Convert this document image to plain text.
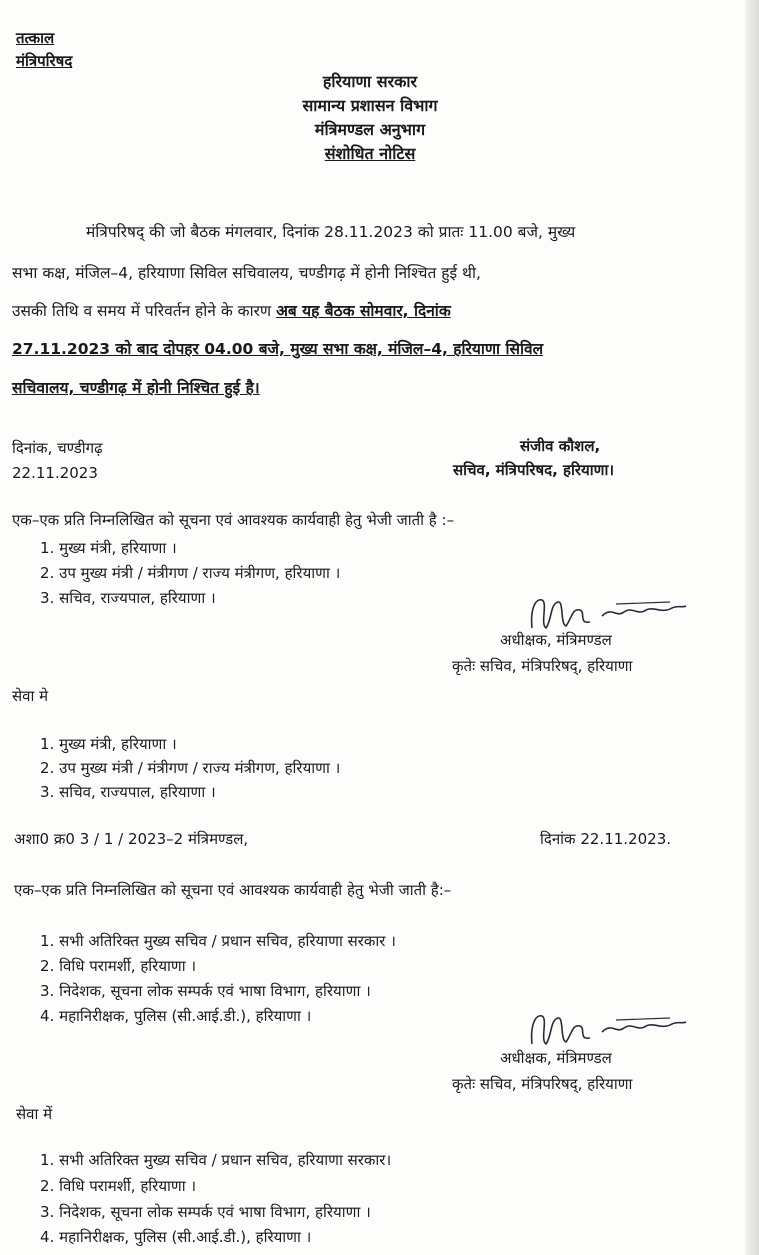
तत्काल
मंत्रिपरिषद
हरियाणा सरकार
सामान्य प्रशासन विभाग
मंत्रिमण्डल अनुभाग
संशोधित नोटिस
मंत्रिपरिषद् की जो बैठक मंगलवार, दिनांक 28.11.2023 को प्रातः 11.00 बजे, मुख्य
सभा कक्ष, मंजिल–4, हरियाणा सिविल सचिवालय, चण्डीगढ़ में होनी निश्चित हुई थी,
उसकी तिथि व समय में परिवर्तन होने के कारण अब यह बैठक सोमवार, दिनांक
27.11.2023 को बाद दोपहर 04.00 बजे, मुख्य सभा कक्ष, मंजिल–4, हरियाणा सिविल
सचिवालय, चण्डीगढ़ में होनी निश्चित हुई है।
दिनांक, चण्डीगढ़
22.11.2023
संजीव कौशल,
सचिव, मंत्रिपरिषद, हरियाणा।
एक–एक प्रति निम्नलिखित को सूचना एवं आवश्यक कार्यवाही हेतु भेजी जाती है :–
1. मुख्य मंत्री, हरियाणा ।
2. उप मुख्य मंत्री / मंत्रीगण / राज्य मंत्रीगण, हरियाणा ।
3. सचिव, राज्यपाल, हरियाणा ।
अधीक्षक, मंत्रिमण्डल
कृतेः सचिव, मंत्रिपरिषद्, हरियाणा
सेवा मे
1. मुख्य मंत्री, हरियाणा ।
2. उप मुख्य मंत्री / मंत्रीगण / राज्य मंत्रीगण, हरियाणा ।
3. सचिव, राज्यपाल, हरियाणा ।
अशा0 क्र0 3 / 1 / 2023–2 मंत्रिमण्डल,	दिनांक 22.11.2023.
एक–एक प्रति निम्नलिखित को सूचना एवं आवश्यक कार्यवाही हेतु भेजी जाती है:–
1. सभी अतिरिक्त मुख्य सचिव / प्रधान सचिव, हरियाणा सरकार ।
2. विधि परामर्शी, हरियाणा ।
3. निदेशक, सूचना लोक सम्पर्क एवं भाषा विभाग, हरियाणा ।
4. महानिरीक्षक, पुलिस (सी.आई.डी.), हरियाणा ।
अधीक्षक, मंत्रिमण्डल
कृतेः सचिव, मंत्रिपरिषद्, हरियाणा
सेवा में
1. सभी अतिरिक्त मुख्य सचिव / प्रधान सचिव, हरियाणा सरकार।
2. विधि परामर्शी, हरियाणा ।
3. निदेशक, सूचना लोक सम्पर्क एवं भाषा विभाग, हरियाणा ।
4. महानिरीक्षक, पुलिस (सी.आई.डी.), हरियाणा ।
